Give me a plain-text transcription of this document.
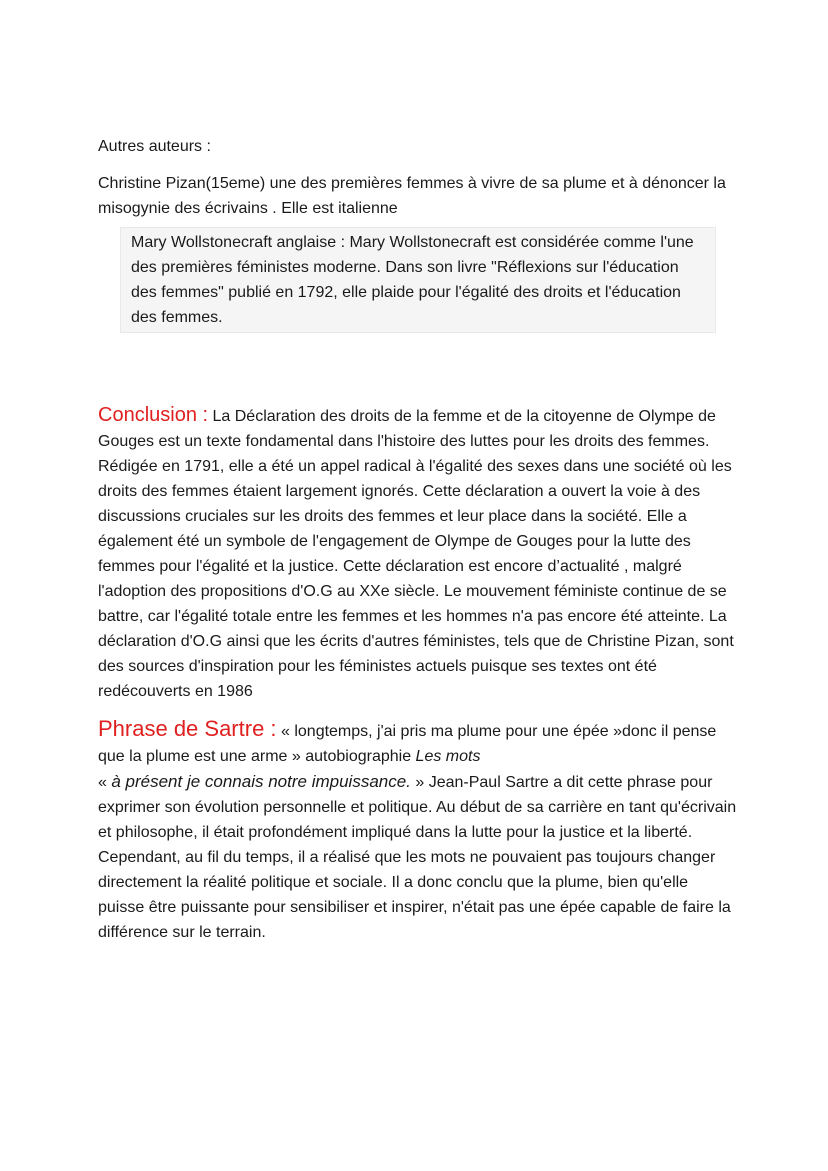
Autres auteurs :

Christine Pizan(15eme) une des premières femmes à vivre de sa plume et à dénoncer la misogynie des écrivains . Elle est italienne

Mary Wollstonecraft anglaise : Mary Wollstonecraft est considérée comme l'une des premières féministes moderne. Dans son livre "Réflexions sur l'éducation des femmes" publié en 1792, elle plaide pour l'égalité des droits et l'éducation des femmes.

Conclusion : La Déclaration des droits de la femme et de la citoyenne de Olympe de Gouges est un texte fondamental dans l'histoire des luttes pour les droits des femmes. Rédigée en 1791, elle a été un appel radical à l'égalité des sexes dans une société où les droits des femmes étaient largement ignorés. Cette déclaration a ouvert la voie à des discussions cruciales sur les droits des femmes et leur place dans la société. Elle a également été un symbole de l'engagement de Olympe de Gouges pour la lutte des femmes pour l'égalité et la justice. Cette déclaration est encore d’actualité , malgré l'adoption des propositions d'O.G au XXe siècle. Le mouvement féministe continue de se battre, car l'égalité totale entre les femmes et les hommes n'a pas encore été atteinte. La déclaration d'O.G ainsi que les écrits d'autres féministes, tels que de Christine Pizan, sont des sources d'inspiration pour les féministes actuels puisque ses textes ont été redécouverts en 1986

Phrase de Sartre : « longtemps, j'ai pris ma plume pour une épée »donc il pense que la plume est une arme » autobiographie Les mots
« à présent je connais notre impuissance. » Jean-Paul Sartre a dit cette phrase pour exprimer son évolution personnelle et politique. Au début de sa carrière en tant qu'écrivain et philosophe, il était profondément impliqué dans la lutte pour la justice et la liberté. Cependant, au fil du temps, il a réalisé que les mots ne pouvaient pas toujours changer directement la réalité politique et sociale. Il a donc conclu que la plume, bien qu'elle puisse être puissante pour sensibiliser et inspirer, n'était pas une épée capable de faire la différence sur le terrain.
